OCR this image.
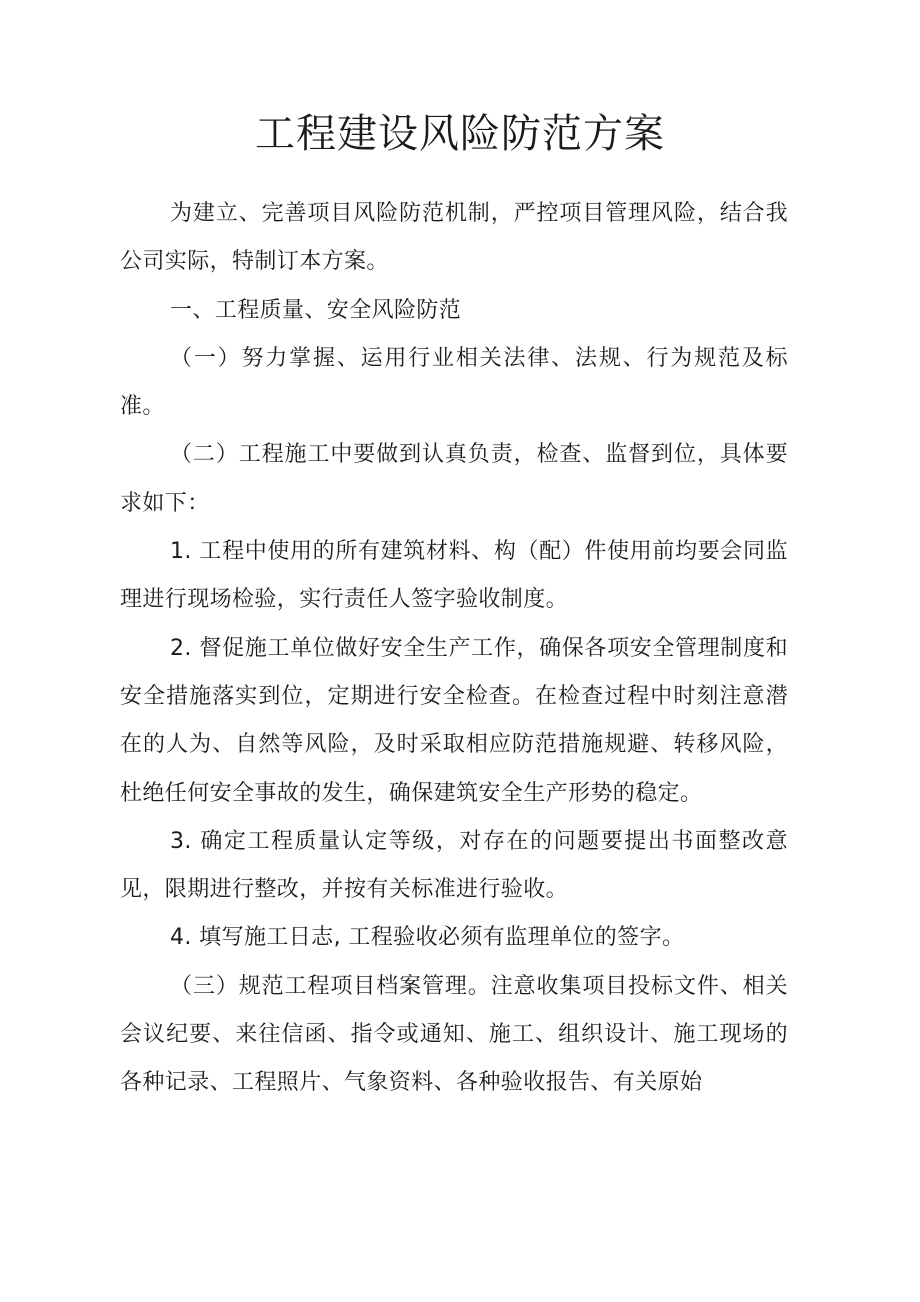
工程建设风险防范方案

为建立、完善项目风险防范机制，严控项目管理风险，结合我公司实际，特制订本方案。

一、工程质量、安全风险防范

（一）努力掌握、运用行业相关法律、法规、行为规范及标准。

（二）工程施工中要做到认真负责，检查、监督到位，具体要求如下：

1. 工程中使用的所有建筑材料、构（配）件使用前均要会同监理进行现场检验，实行责任人签字验收制度。

2. 督促施工单位做好安全生产工作，确保各项安全管理制度和安全措施落实到位，定期进行安全检查。在检查过程中时刻注意潜在的人为、自然等风险，及时采取相应防范措施规避、转移风险，杜绝任何安全事故的发生，确保建筑安全生产形势的稳定。

3. 确定工程质量认定等级，对存在的问题要提出书面整改意见，限期进行整改，并按有关标准进行验收。

4. 填写施工日志, 工程验收必须有监理单位的签字。

（三）规范工程项目档案管理。注意收集项目投标文件、相关会议纪要、来往信函、指令或通知、施工、组织设计、施工现场的各种记录、工程照片、气象资料、各种验收报告、有关原始
